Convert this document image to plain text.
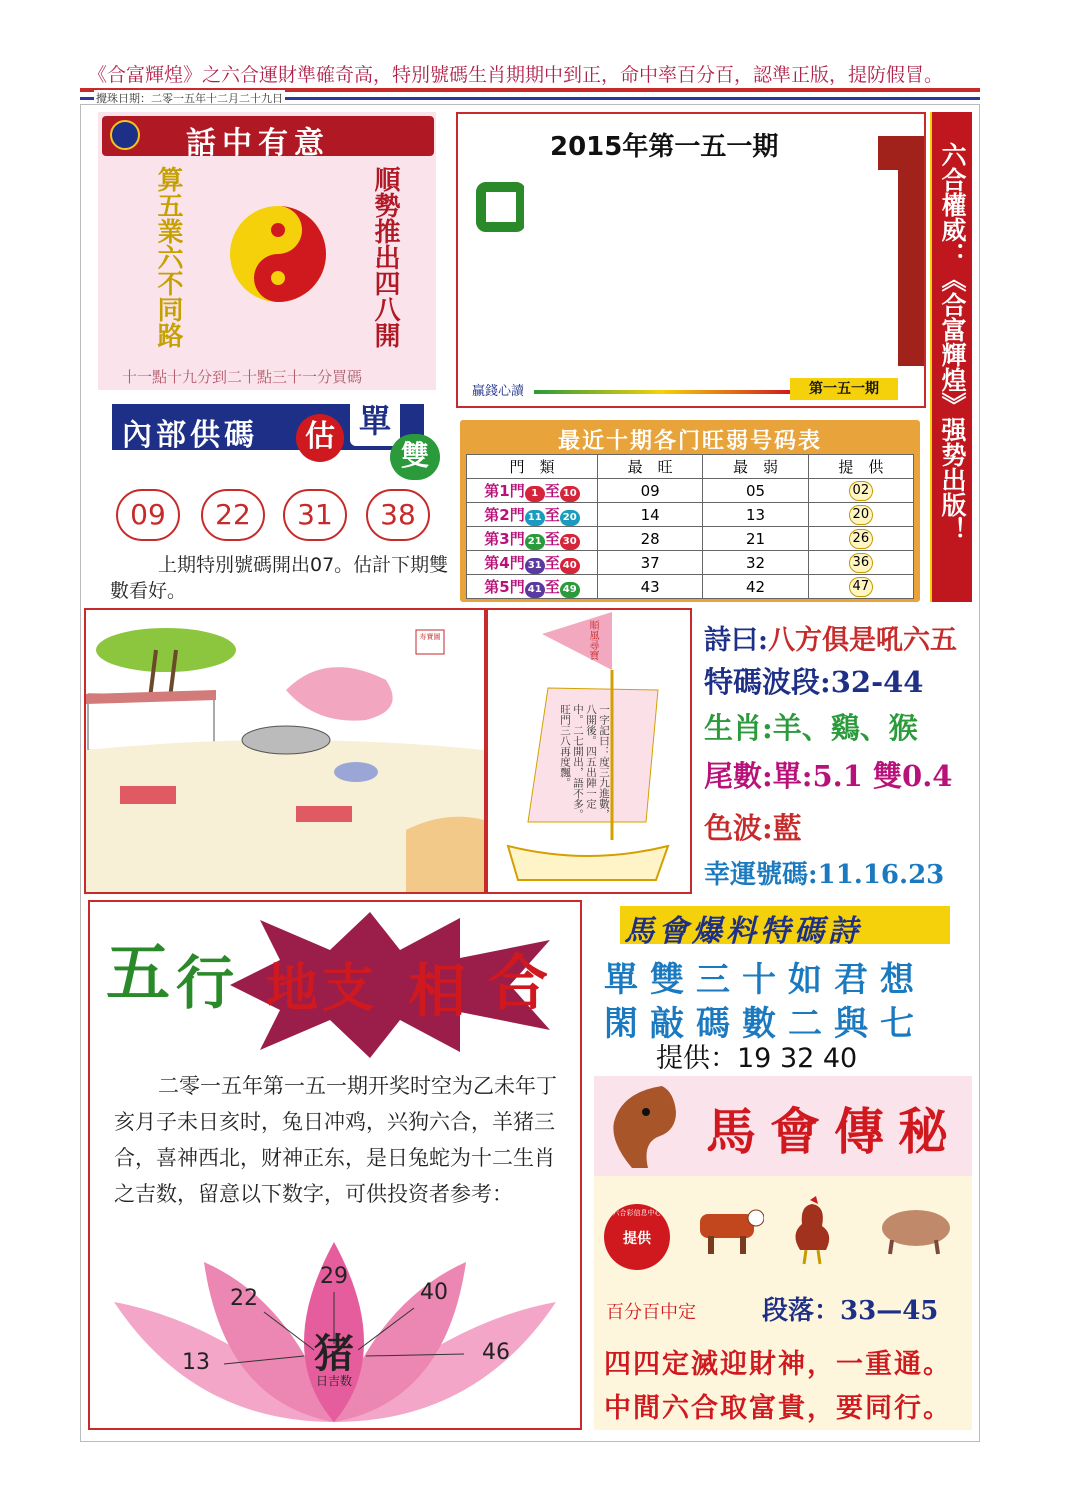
《合富輝煌》之六合運財準確奇高，特別號碼生肖期期中到正，命中率百分百，認準正版，提防假冒。
攪珠日期：二零一五年十二月二十九日
話中有意
算五業六不同路	順勢推出四八開
十一點十九分到二十點三十一分買碼
內部供碼	估 單
雙
09	22	31	38
上期特別號碼開出07。估計下期雙數看好。
2015年第一五一期
贏錢心讀	第一五一期	六合權威：《合富輝煌》强势出版！
最近十期各门旺弱号码表
門　類	最　旺	最　弱	提　供
第1門 1 至 10	09	05	02
第2門 11 至 20	14	13	20
第3門 21 至 30	28	21	26
第4門 31 至 40	37	32	36
第5門 41 至 49	43	42	47
寿寶圖	順風尋寶
一字記曰：度三九進數，八開後。四五出陣一定中。二七開出，語不多。旺門三八再度飄。
詩曰:八方俱是吼六五
特碼波段:32-44
生肖:羊、鷄、猴
尾數:單:5.1 雙0.4
色波:藍
幸運號碼:11.16.23
五 行 地支 相 合
二零一五年第一五一期开奖时空为乙未年丁亥月子未日亥时，兔日冲鸡，兴狗六合，羊猪三合，喜神西北，财神正东，是日兔蛇为十二生肖之吉数，留意以下数字，可供投资者参考：
猪
日吉数
13
22
29
40
46
馬會爆料特碼詩
單雙三十如君想
閑敲碼數二與七
提供：19 32 40
馬會傳秘
六合彩信息中心
提供
百分百中定	段落：33—45
四四定滅迎財神，一重通。
中間六合取富貴，要同行。
